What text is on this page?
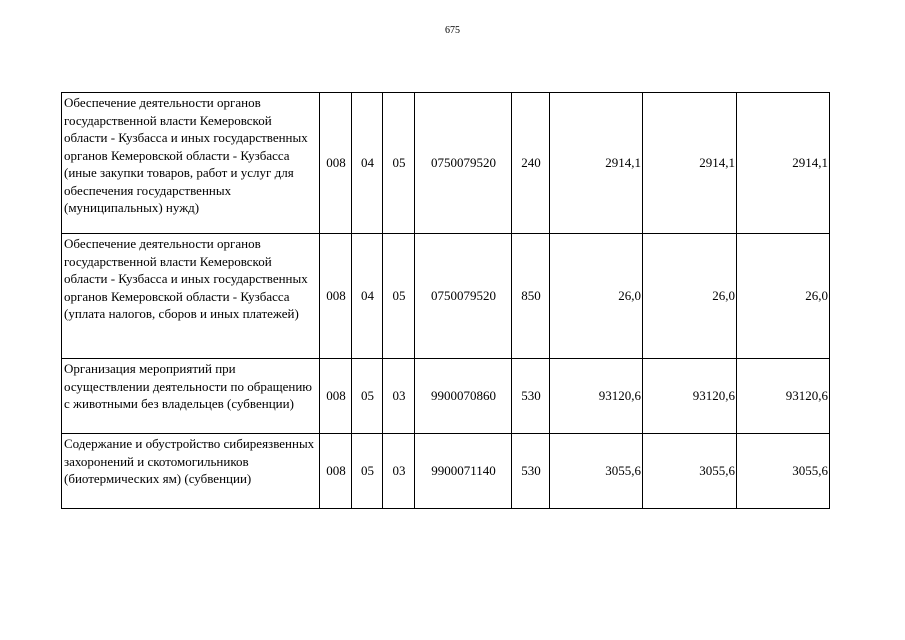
675
Обеспечение деятельности органов государственной власти Кемеровской области - Кузбасса и иных государственных органов Кемеровской области - Кузбасса (иные закупки товаров, работ и услуг для обеспечения государственных (муниципальных) нужд)	008	04	05	0750079520	240	2914,1	2914,1	2914,1
Обеспечение деятельности органов государственной власти Кемеровской области - Кузбасса и иных государственных органов Кемеровской области - Кузбасса (уплата налогов, сборов и иных платежей)	008	04	05	0750079520	850	26,0	26,0	26,0
Организация мероприятий при осуществлении деятельности по обращению с животными без владельцев (субвенции)	008	05	03	9900070860	530	93120,6	93120,6	93120,6
Содержание и обустройство сибиреязвенных захоронений и скотомогильников (биотермических ям) (субвенции)	008	05	03	9900071140	530	3055,6	3055,6	3055,6
